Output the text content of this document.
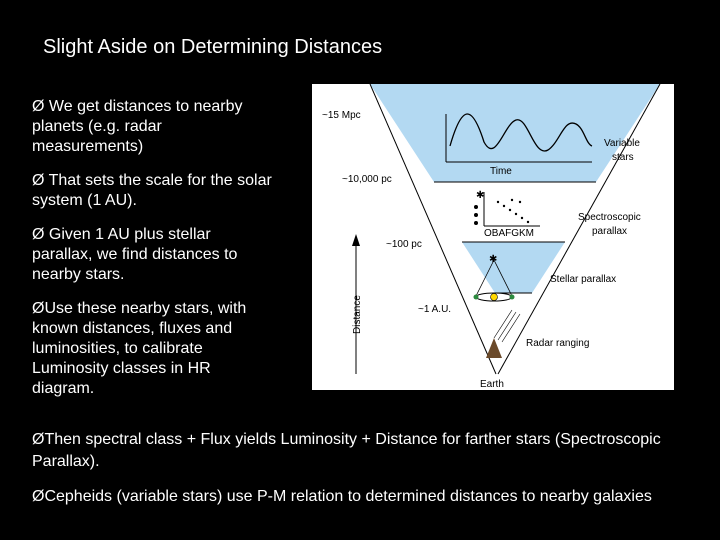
Slight Aside on Determining Distances
Ø We get distances to nearby planets (e.g. radar measurements)
Ø That sets the scale for the solar system (1 AU).
Ø Given 1 AU plus stellar parallax, we find distances to nearby stars.
ØUse these nearby stars, with known distances, fluxes and luminosities, to calibrate Luminosity classes in HR diagram.
ØThen spectral class + Flux yields Luminosity + Distance for farther stars (Spectroscopic Parallax).
ØCepheids (variable stars) use P-M relation to determined distances to nearby galaxies
Distance
~15 Mpc
~10,000 pc
~100 pc
~1 A.U.
Time
✱
OBAFGKM
✱
Variable
stars
Spectroscopic
parallax
Stellar parallax
Radar ranging
Earth
